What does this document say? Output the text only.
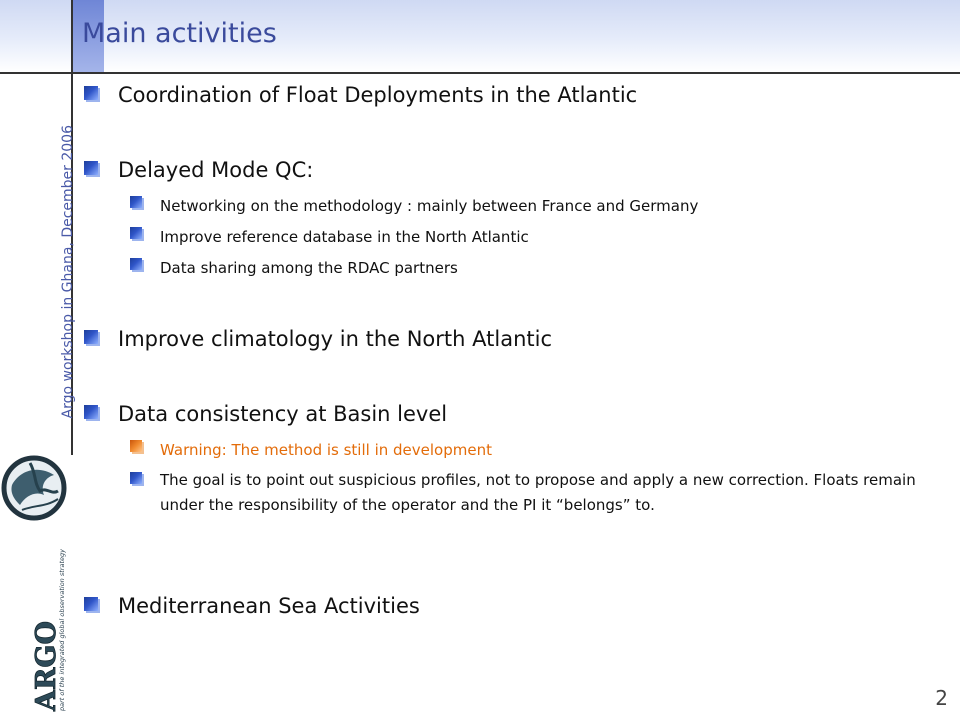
Main activities
Argo workshop in Ghana, December 2006
part of the integrated global observation strategy
ARGO
Coordination of Float Deployments in the Atlantic
Delayed Mode QC:
Networking on the methodology : mainly between France and Germany
Improve reference database in the North Atlantic
Data sharing among the RDAC partners
Improve climatology in the North Atlantic
Data consistency at Basin level
Warning: The method is still in development
The goal is to point out suspicious profiles, not to propose and apply a new correction. Floats remain under the responsibility of the operator and the PI it “belongs” to.
Mediterranean Sea Activities
2
